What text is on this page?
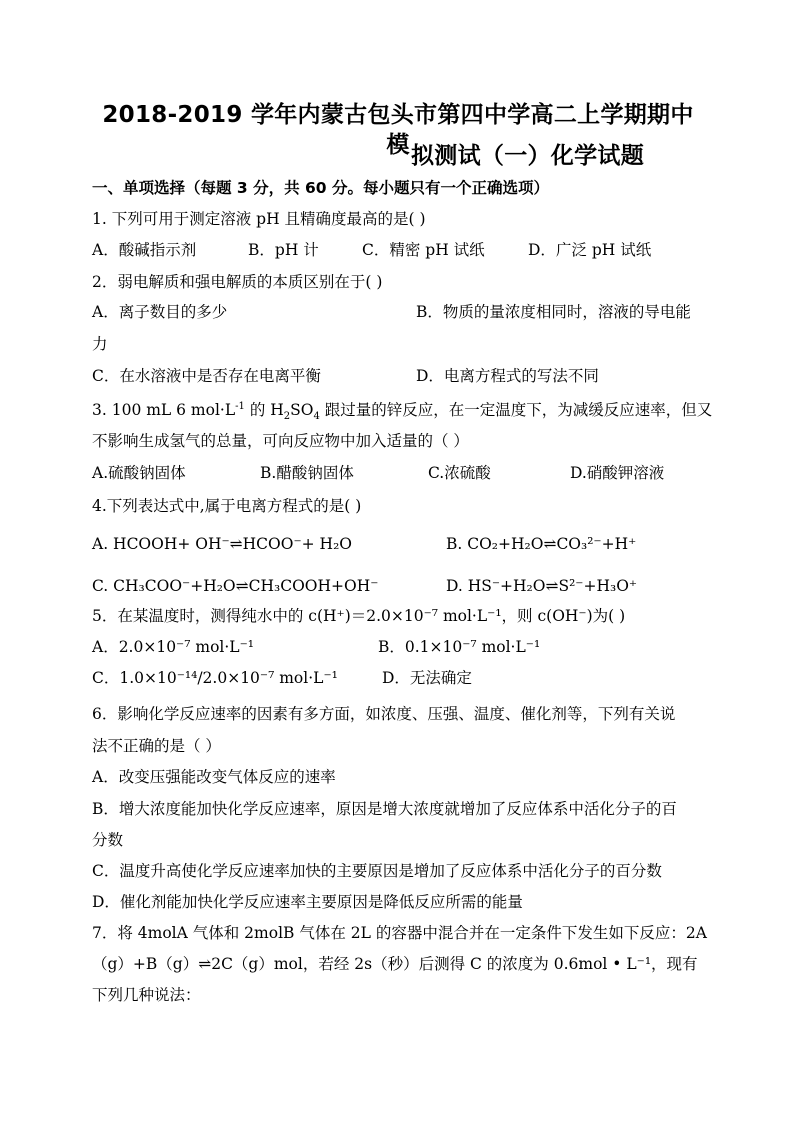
2018-2019 学年内蒙古包头市第四中学高二上学期期中模 拟测试（一）化学试题
一、单项选择（每题 3 分，共 60 分。每小题只有一个正确选项）
1. 下列可用于测定溶液 pH 且精确度最高的是( )
A．酸碱指示剂	B．pH 计	C．精密 pH 试纸	D．广泛 pH 试纸
2．弱电解质和强电解质的本质区别在于( )
A．离子数目的多少	B．物质的量浓度相同时，溶液的导电能
力
C．在水溶液中是否存在电离平衡	D．电离方程式的写法不同
3. 100 mL 6 $mol\cdot L^{-1}$ 的 $H_2SO_4$ 跟过量的锌反应，在一定温度下，为减缓反应速率，但又
不影响生成氢气的总量，可向反应物中加入适量的（ ）
A.硫酸钠固体	B.醋酸钠固体	C.浓硫酸	D.硝酸钾溶液
4.下列表达式中,属于电离方程式的是( )
A. HCOOH+ OH⁻⇌HCOO⁻+ H₂O	B. CO₂+H₂O⇌CO₃²⁻+H⁺
C. CH₃COO⁻+H₂O⇌CH₃COOH+OH⁻	D. HS⁻+H₂O⇌S²⁻+H₃O⁺
5．在某温度时，测得纯水中的 c(H⁺)＝2.0×10⁻⁷ mol·L⁻¹，则 c(OH⁻)为( )
A．2.0×10⁻⁷ mol·L⁻¹	B．0.1×10⁻⁷ mol·L⁻¹
C．1.0×10⁻¹⁴/2.0×10⁻⁷ mol·L⁻¹	D．无法确定
6．影响化学反应速率的因素有多方面，如浓度、压强、温度、催化剂等，下列有关说
法不正确的是（ ）
A．改变压强能改变气体反应的速率
B．增大浓度能加快化学反应速率，原因是增大浓度就增加了反应体系中活化分子的百
分数
C．温度升高使化学反应速率加快的主要原因是增加了反应体系中活化分子的百分数
D．催化剂能加快化学反应速率主要原因是降低反应所需的能量
7．将 4molA 气体和 2molB 气体在 2L 的容器中混合并在一定条件下发生如下反应：2A
（g）+B（g）⇌2C（g）mol，若经 2s（秒）后测得 C 的浓度为 0.6mol • L⁻¹，现有
下列几种说法：
